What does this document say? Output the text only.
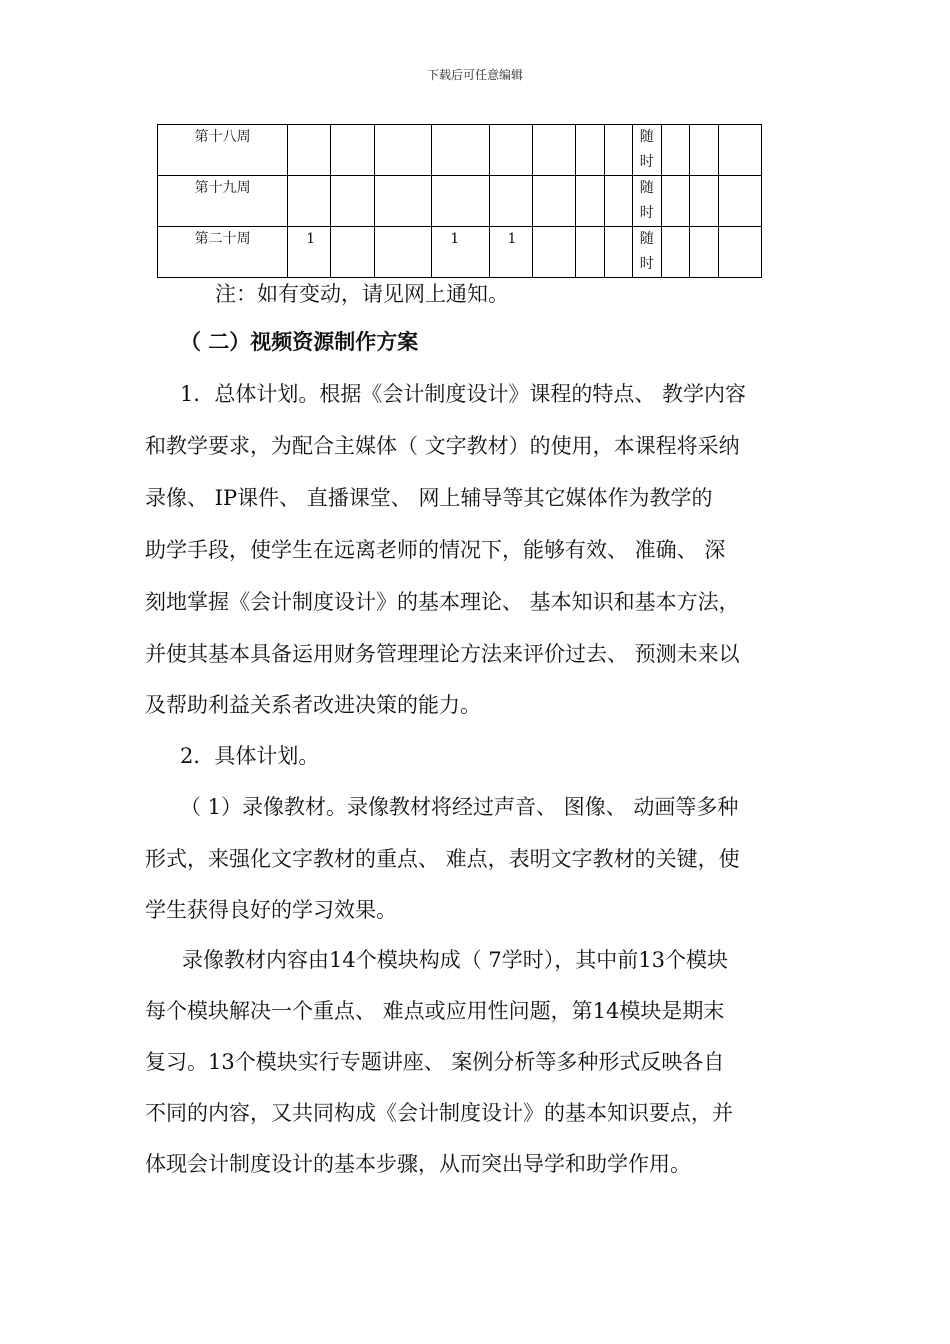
下载后可任意编辑
第十八周									随
时			

第十九周									随
时			

第二十周	1			1	1				随
时			

注：如有变动，请见网上通知。
（ 二）视频资源制作方案
1．总体计划。根据《会计制度设计》课程的特点、 教学内容
和教学要求，为配合主媒体（ 文字教材）的使用，本课程将采纳
录像、 IP课件、 直播课堂、 网上辅导等其它媒体作为教学的
助学手段，使学生在远离老师的情况下，能够有效、 准确、 深
刻地掌握《会计制度设计》的基本理论、 基本知识和基本方法，
并使其基本具备运用财务管理理论方法来评价过去、 预测未来以
及帮助利益关系者改进决策的能力。
2．具体计划。
（ 1）录像教材。录像教材将经过声音、 图像、 动画等多种
形式，来强化文字教材的重点、 难点，表明文字教材的关键，使
学生获得良好的学习效果。
录像教材内容由14个模块构成（ 7学时），其中前13个模块
每个模块解决一个重点、 难点或应用性问题，第14模块是期末
复习。13个模块实行专题讲座、 案例分析等多种形式反映各自
不同的内容，又共同构成《会计制度设计》的基本知识要点，并
体现会计制度设计的基本步骤，从而突出导学和助学作用。
